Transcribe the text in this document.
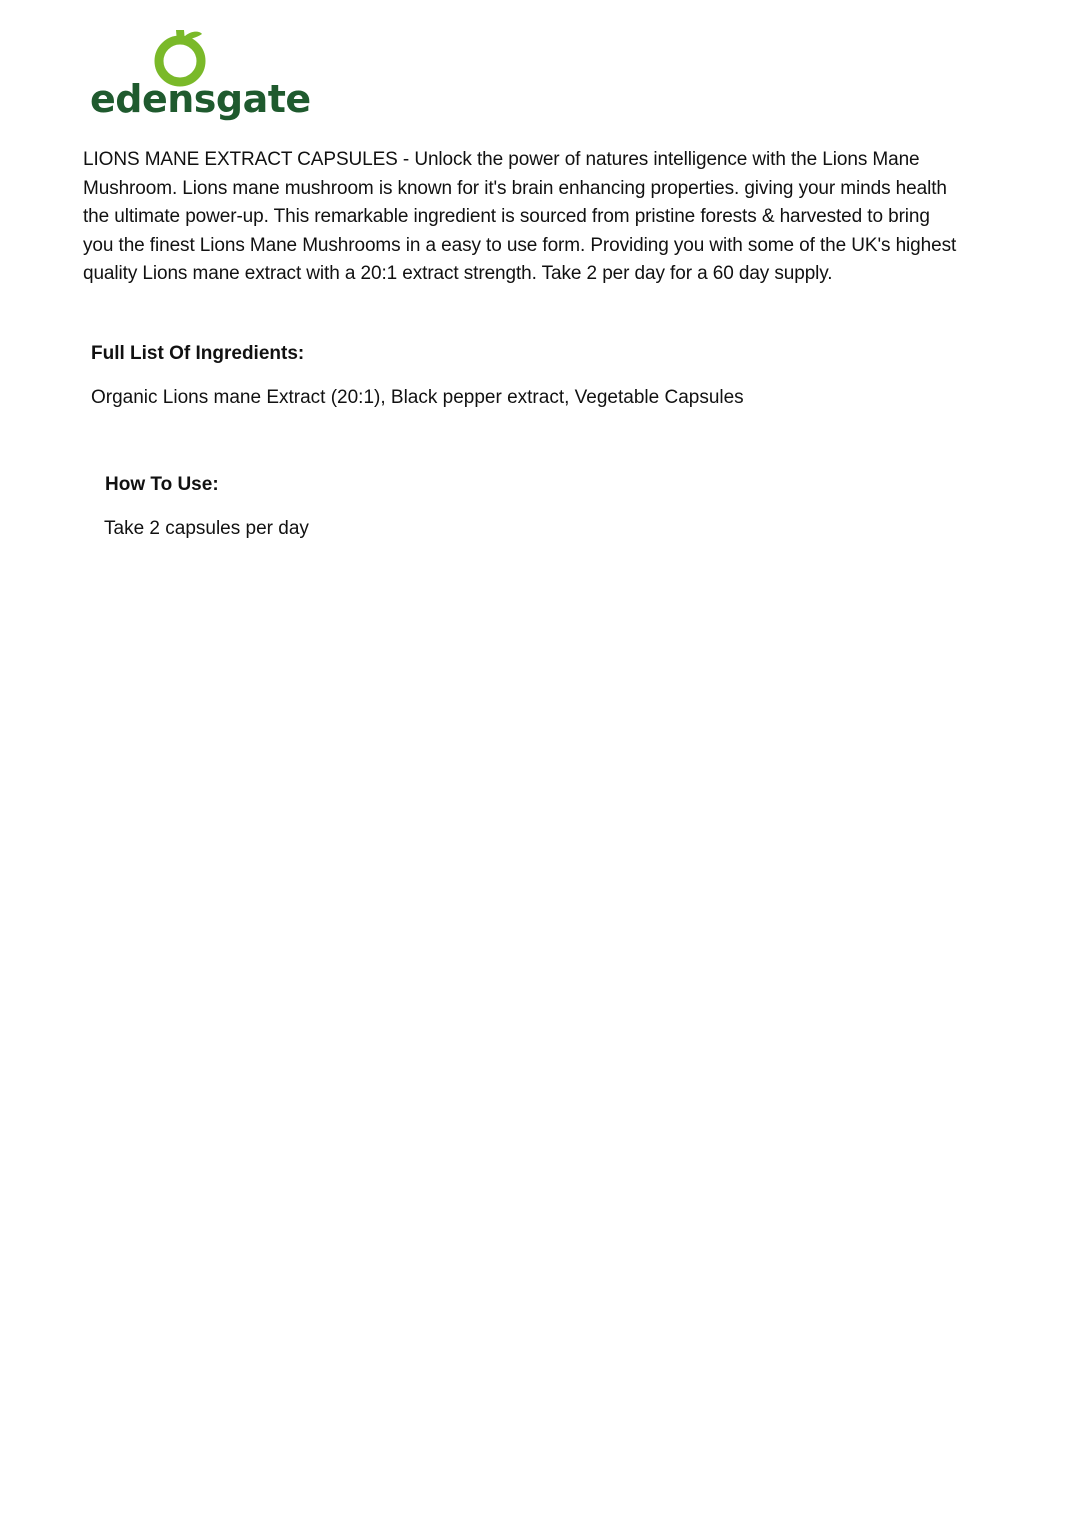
edensgate

LIONS MANE EXTRACT CAPSULES - Unlock the power of natures intelligence with the Lions Mane Mushroom. Lions mane mushroom is known for it's brain enhancing properties. giving your minds health the ultimate power-up. This remarkable ingredient is sourced from pristine forests & harvested to bring you the finest Lions Mane Mushrooms in a easy to use form. Providing you with some of the UK's highest quality Lions mane extract with a 20:1 extract strength. Take 2 per day for a 60 day supply.

Full List Of Ingredients:

Organic Lions mane Extract (20:1), Black pepper extract, Vegetable Capsules

How To Use:

Take 2 capsules per day
